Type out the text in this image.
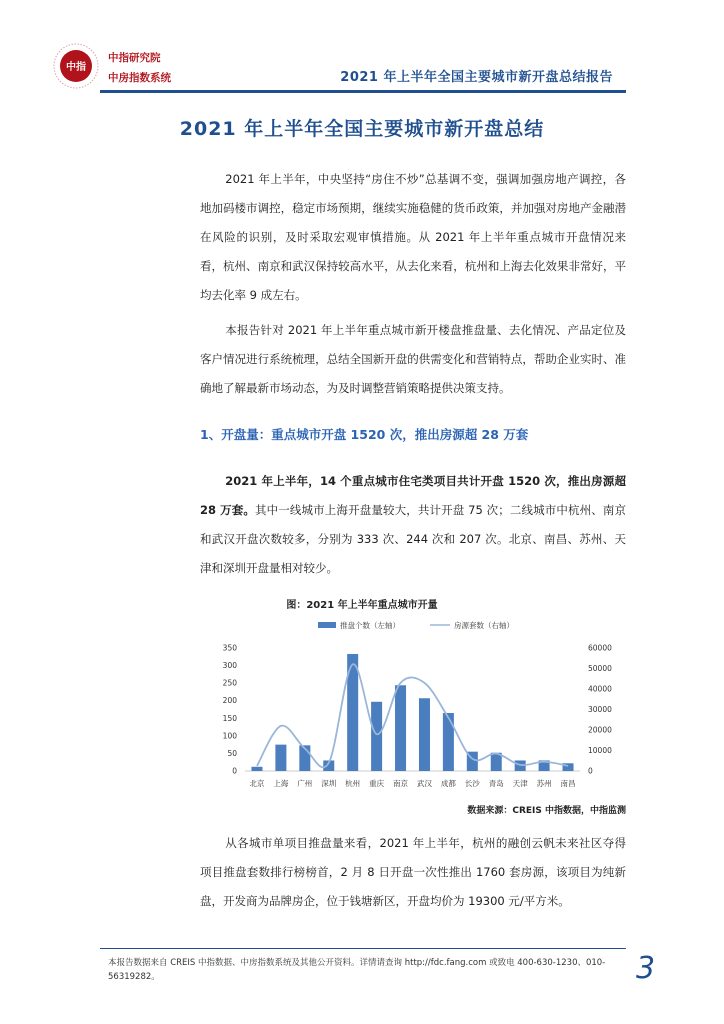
中指
中指研究院
中房指数系统	2021 年上半年全国主要城市新开盘总结报告
2021 年上半年全国主要城市新开盘总结

2021 年上半年，中央坚持“房住不炒”总基调不变，强调加强房地产调控，各地加码楼市调控，稳定市场预期，继续实施稳健的货币政策，并加强对房地产金融潜在风险的识别，及时采取宏观审慎措施。从 2021 年上半年重点城市开盘情况来看，杭州、南京和武汉保持较高水平，从去化来看，杭州和上海去化效果非常好，平均去化率 9 成左右。

本报告针对 2021 年上半年重点城市新开楼盘推盘量、去化情况、产品定位及客户情况进行系统梳理，总结全国新开盘的供需变化和营销特点，帮助企业实时、准确地了解最新市场动态，为及时调整营销策略提供决策支持。

1、开盘量：重点城市开盘 1520 次，推出房源超 28 万套

2021 年上半年，14 个重点城市住宅类项目共计开盘 1520 次，推出房源超 28 万套。其中一线城市上海开盘量较大，共计开盘 75 次；二线城市中杭州、南京和武汉开盘次数较多，分别为 333 次、244 次和 207 次。北京、南昌、苏州、天津和深圳开盘量相对较少。

图：2021 年上半年重点城市开量
推盘个数（左轴）	房源套数（右轴）
0
50
100
150
200
250
300
350
0
10000
20000
30000
40000
50000
60000
北京 上海 广州 深圳 杭州 重庆 南京 武汉 成都 长沙 青岛 天津 苏州 南昌
数据来源：CREIS 中指数据，中指监测

从各城市单项目推盘量来看，2021 年上半年，杭州的融创云帆未来社区夺得项目推盘套数排行榜榜首，2 月 8 日开盘一次性推出 1760 套房源，该项目为纯新盘，开发商为品牌房企，位于钱塘新区，开盘均价为 19300 元/平方米。

本报告数据来自 CREIS 中指数据、中房指数系统及其他公开资料。详情请查询 http://fdc.fang.com 或致电 400-630-1230、010-56319282。	3
